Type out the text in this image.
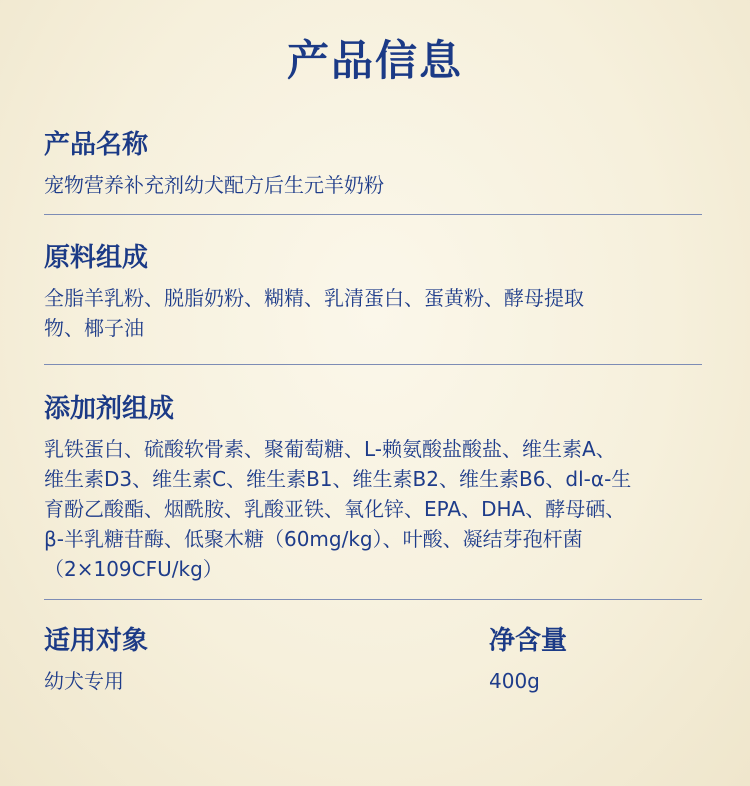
产品信息
产品名称
宠物营养补充剂幼犬配方后生元羊奶粉
原料组成
全脂羊乳粉、脱脂奶粉、糊精、乳清蛋白、蛋黄粉、酵母提取
物、椰子油
添加剂组成
乳铁蛋白、硫酸软骨素、聚葡萄糖、L-赖氨酸盐酸盐、维生素A、
维生素D3、维生素C、维生素B1、维生素B2、维生素B6、dl-α-生
育酚乙酸酯、烟酰胺、乳酸亚铁、氧化锌、EPA、DHA、酵母硒、
β-半乳糖苷酶、低聚木糖（60mg/kg）、叶酸、凝结芽孢杆菌
（2×109CFU/kg）
适用对象
幼犬专用
净含量
400g
